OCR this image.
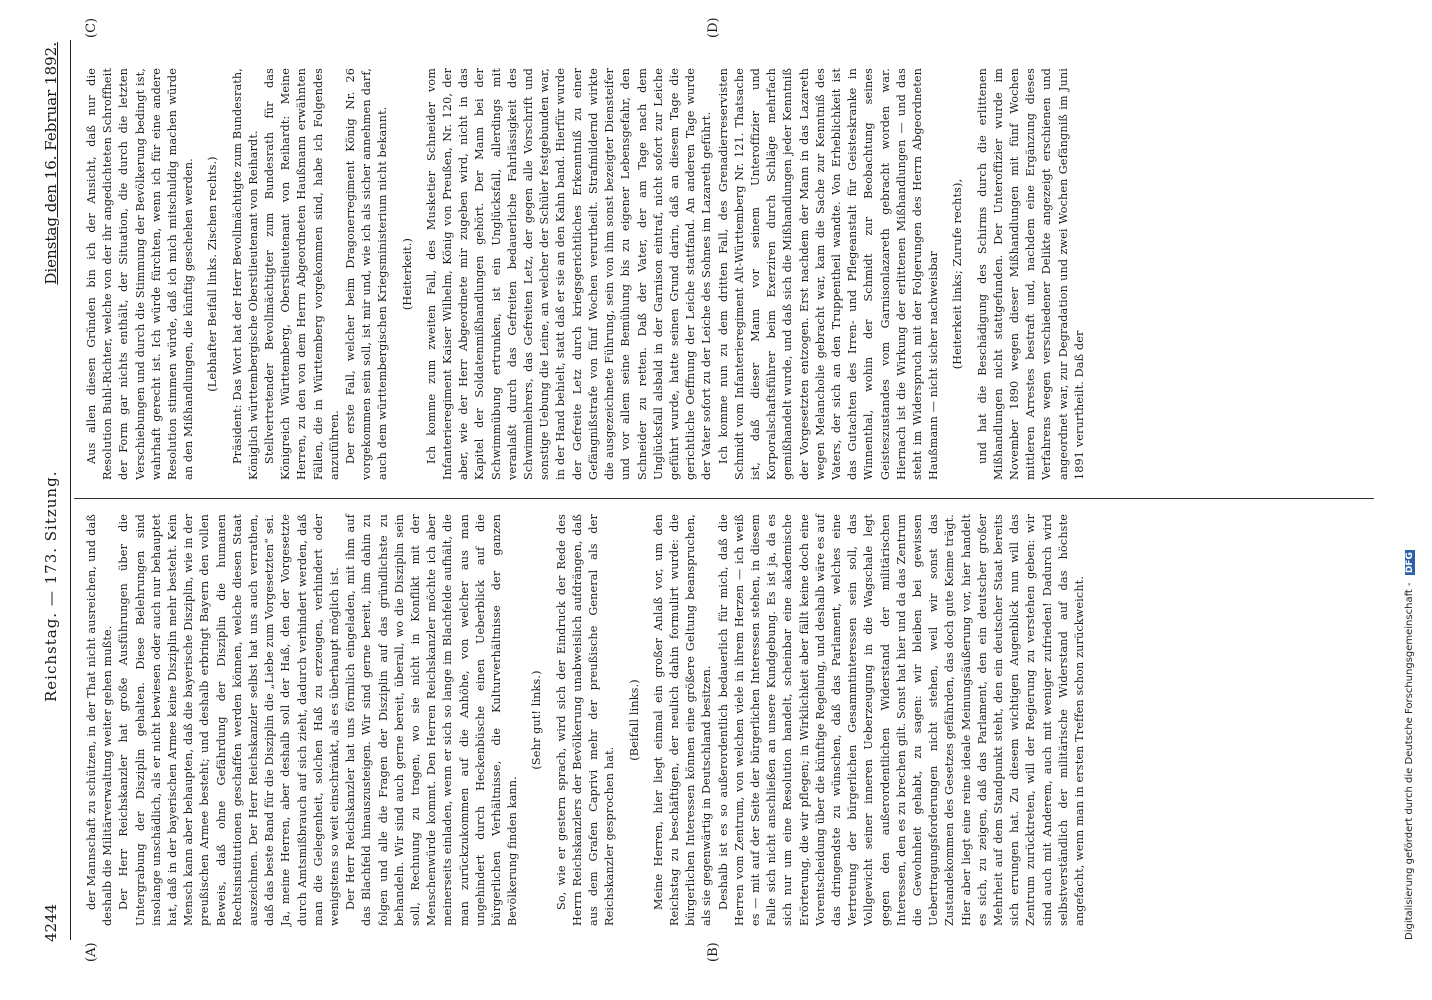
4244
Reichstag. — 173. Sitzung.
Dienstag den 16. Februar 1892.
(A)	(B)
(C)	(D)

der Mannschaft zu schützen, in der That nicht ausreichen, und daß deshalb die Militärverwaltung weiter gehen mußte. Der Herr Reichskanzler hat große Ausführungen über die Untergrabung der Disziplin gehalten. Diese Belehrungen sind insolange unschädlich, als er nicht bewiesen oder auch nur behauptet hat, daß in der bayerischen Armee keine Disziplin mehr besteht. Kein Mensch kann aber behaupten, daß die bayerische Disziplin, wie in der preußischen Armee besteht; und deshalb erbringt Bayern den vollen Beweis, daß ohne Gefährdung der Disziplin die humanen Rechtsinstitutionen geschaffen werden können, welche diesen Staat auszeichnen. Der Herr Reichskanzler selbst hat uns auch verrathen, daß das beste Band für die Disziplin die „Liebe zum Vorgesetzten“ sei. Ja, meine Herren, aber deshalb soll der Haß, den der Vorgesetzte durch Amtsmißbrauch auf sich zieht, dadurch verhindert werden, daß man die Gelegenheit, solchen Haß zu erzeugen, verhindert oder wenigstens so weit einschränkt, als es überhaupt möglich ist. Der Herr Reichskanzler hat uns förmlich eingeladen, mit ihm auf das Blachfeld hinauszusteigen. Wir sind gerne bereit, ihm dahin zu folgen und alle die Fragen der Disziplin auf das gründlichste zu behandeln. Wir sind auch gerne bereit, überall, wo die Disziplin sein soll, Rechnung zu tragen, wo sie nicht in Konflikt mit der Menschenwürde kommt. Den Herren Reichskanzler möchte ich aber meinerseits einladen, wenn er sich so lange im Blachfelde aufhält, die man zurückzukommen auf die Anhöhe, von welcher aus man ungehindert durch Heckenbüsche einen Ueberblick auf die bürgerlichen Verhältnisse, die Kulturverhältnisse der ganzen Bevölkerung finden kann.

(Sehr gut! links.) So, wie er gestern sprach, wird sich der Eindruck der Rede des Herrn Reichskanzlers der Bevölkerung unabweislich aufdrängen, daß aus dem Grafen Caprivi mehr der preußische General als der Reichskanzler gesprochen hat.

(Beifall links.) Meine Herren, hier liegt einmal ein großer Anlaß vor, um den Reichstag zu beschäftigen, der neulich dahin formulirt wurde: die bürgerlichen Interessen können eine größere Geltung beanspruchen, als sie gegenwärtig in Deutschland besitzen. Deshalb ist es so außerordentlich bedauerlich für mich, daß die Herren vom Zentrum, von welchen viele in ihrem Herzen — ich weiß es — mit auf der Seite der bürgerlichen Interessen stehen, in diesem Falle sich nicht anschließen an unsere Kundgebung. Es ist ja, da es sich nur um eine Resolution handelt, scheinbar eine akademische Erörterung, die wir pflegen; in Wirklichkeit aber fällt keine doch eine Vorentscheidung über die künftige Regelung, und deshalb wäre es auf das dringendste zu wünschen, daß das Parlament, welches eine Vertretung der bürgerlichen Gesammtinteressen sein soll, das Vollgewicht seiner inneren Ueberzeugung in die Wagschale legt gegen den außerordentlichen Widerstand der militärischen Interessen, den es zu brechen gilt. Sonst hat hier und da das Zentrum die Gewohnheit gehabt, zu sagen: wir bleiben bei gewissen Uebertragungsforderungen nicht stehen, weil wir sonst das Zustandekommen des Gesetzes gefährden, das doch gute Keime trägt. Hier aber liegt eine reine ideale Meinungsäußerung vor, hier handelt es sich, zu zeigen, daß das Parlament, den ein deutscher großer Mehrheit auf dem Standpunkt steht, den ein deutscher Staat bereits sich errungen hat. Zu diesem wichtigen Augenblick nun will das Zentrum zurücktreten, will der Regierung zu verstehen geben: wir sind auch mit Anderem, auch mit weniger zufrieden! Dadurch wird selbstverständlich der militärische Widerstand auf das höchste angefacht, wenn man in ersten Treffen schon zurückweicht.

Aus allen diesen Gründen bin ich der Ansicht, daß nur die Resolution Buhl-Richter, welche von der ihr angedichteten Schroffheit der Form gar nichts enthält, der Situation, die durch die letzten Verschiebungen und durch die Stimmung der Bevölkerung bedingt ist, wahrhaft gerecht ist. Ich würde fürchten, wenn ich für eine andere Resolution stimmen würde, daß ich mich mitschuldig machen würde an den Mißhandlungen, die künftig geschehen werden. (Lebhafter Beifall links. Zischen rechts.) Präsident: Das Wort hat der Herr Bevollmächtigte zum Bundesrath, Königlich württembergische Oberstlieutenant von Reihardt. Stellvertretender Bevollmächtigter zum Bundesrath für das Königreich Württemberg, Oberstlieutenant von Reihardt: Meine Herren, zu den von dem Herrn Abgeordneten Haußmann erwähnten Fällen, die in Württemberg vorgekommen sind, habe ich Folgendes anzuführen. Der erste Fall, welcher beim Dragonerregiment König Nr. 26 vorgekommen sein soll, ist mir und, wie ich als sicher annehmen darf, auch dem württembergischen Kriegsministerium nicht bekannt. (Heiterkeit.) Ich komme zum zweiten Fall, des Musketier Schneider vom Infanterieregiment Kaiser Wilhelm, König von Preußen, Nr. 120, der aber, wie der Herr Abgeordnete mir zugeben wird, nicht in das Kapitel der Soldatenmißhandlungen gehört. Der Mann bei der Schwimmübung ertrunken, ist ein Unglücksfall, allerdings mit veranlaßt durch das Gefreiten bedauerliche Fahrlässigkeit des Schwimmlehrers, das Gefreiten Letz, der gegen alle Vorschrift und sonstige Uebung die Leine, an welcher der Schüler festgebunden war, in der Hand behielt, statt daß er sie an den Kahn band. Hierfür wurde der Gefreite Letz durch kriegsgerichtliches Erkenntniß zu einer Gefängnißstrafe von fünf Wochen verurtheilt. Strafmildernd wirkte die ausgezeichnete Führung, sein von ihm sonst bezeigter Diensteifer und vor allem seine Bemühung bis zu eigener Lebensgefahr, den Schneider zu retten. Daß der Vater, der am Tage nach dem Unglücksfall alsbald in der Garnison eintraf, nicht sofort zur Leiche geführt wurde, hatte seinen Grund darin, daß an diesem Tage die gerichtliche Oeffnung der Leiche stattfand. An anderen Tage wurde der Vater sofort zu der Leiche des Sohnes im Lazareth geführt. Ich komme nun zu dem dritten Fall, des Grenadierreservisten Schmidt vom Infanterieregiment Alt-Württemberg Nr. 121. Thatsache ist, daß dieser Mann vor seinem Unteroffizier und Korporalschaftsführer beim Exerziren durch Schläge mehrfach gemißhandelt wurde, und daß sich die Mißhandlungen jeder Kenntniß der Vorgesetzten entzogen. Erst nachdem der Mann in das Lazareth wegen Melancholie gebracht war, kam die Sache zur Kenntniß des Vaters, der sich an den Truppentheil wandte. Von Erheblichkeit ist das Gutachten des Irren- und Pflegeanstalt für Geisteskranke in Winnenthal, wohin der Schmidt zur Beobachtung seines Geisteszustandes vom Garnisonlazareth gebracht worden war. Hiernach ist die Wirkung der erlittenen Mißhandlungen — und das steht im Widerspruch mit der Folgerungen des Herrn Abgeordneten Haußmann — nicht sicher nachweisbar (Heiterkeit links; Zurufe rechts), und hat die Beschädigung des Schirms durch die erlittenen Mißhandlungen nicht stattgefunden. Der Unteroffizier wurde im November 1890 wegen dieser Mißhandlungen mit fünf Wochen mittleren Arrestes bestraft und, nachdem eine Ergänzung dieses Verfahrens wegen verschiedener Delikte angezeigt erschienen und angeordnet war, zur Degradation und zwei Wochen Gefängniß im Juni 1891 verurtheilt. Daß der

Digitalisierung gefördert durch die Deutsche Forschungsgemeinschaft - DFG
